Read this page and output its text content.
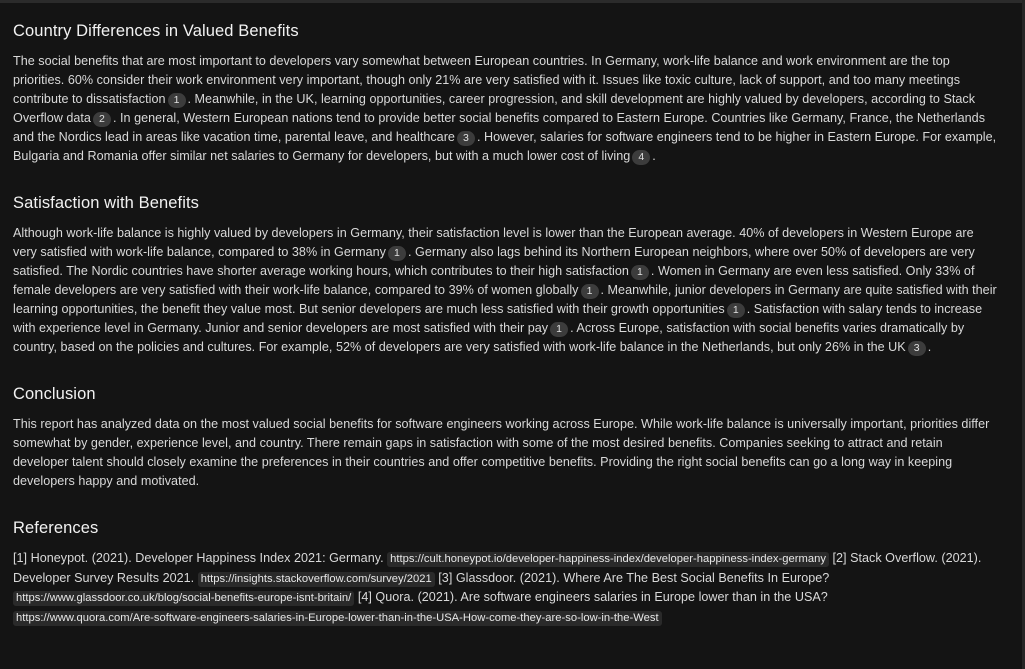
Country Differences in Valued Benefits

The social benefits that are most important to developers vary somewhat between European countries. In Germany, work-life balance and work environment are the top priorities. 60% consider their work environment very important, though only 21% are very satisfied with it. Issues like toxic culture, lack of support, and too many meetings contribute to dissatisfaction 1 . Meanwhile, in the UK, learning opportunities, career progression, and skill development are highly valued by developers, according to Stack Overflow data 2 . In general, Western European nations tend to provide better social benefits compared to Eastern Europe. Countries like Germany, France, the Netherlands and the Nordics lead in areas like vacation time, parental leave, and healthcare 3 . However, salaries for software engineers tend to be higher in Eastern Europe. For example, Bulgaria and Romania offer similar net salaries to Germany for developers, but with a much lower cost of living 4 .

Satisfaction with Benefits

Although work-life balance is highly valued by developers in Germany, their satisfaction level is lower than the European average. 40% of developers in Western Europe are very satisfied with work-life balance, compared to 38% in Germany 1 . Germany also lags behind its Northern European neighbors, where over 50% of developers are very satisfied. The Nordic countries have shorter average working hours, which contributes to their high satisfaction 1 . Women in Germany are even less satisfied. Only 33% of female developers are very satisfied with their work-life balance, compared to 39% of women globally 1 . Meanwhile, junior developers in Germany are quite satisfied with their learning opportunities, the benefit they value most. But senior developers are much less satisfied with their growth opportunities 1 . Satisfaction with salary tends to increase with experience level in Germany. Junior and senior developers are most satisfied with their pay 1 . Across Europe, satisfaction with social benefits varies dramatically by country, based on the policies and cultures. For example, 52% of developers are very satisfied with work-life balance in the Netherlands, but only 26% in the UK 3 .

Conclusion

This report has analyzed data on the most valued social benefits for software engineers working across Europe. While work-life balance is universally important, priorities differ somewhat by gender, experience level, and country. There remain gaps in satisfaction with some of the most desired benefits. Companies seeking to attract and retain developer talent should closely examine the preferences in their countries and offer competitive benefits. Providing the right social benefits can go a long way in keeping developers happy and motivated.

References

[1] Honeypot. (2021). Developer Happiness Index 2021: Germany. https://cult.honeypot.io/developer-happiness-index/developer-happiness-index-germany [2] Stack Overflow. (2021). Developer Survey Results 2021. https://insights.stackoverflow.com/survey/2021 [3] Glassdoor. (2021). Where Are The Best Social Benefits In Europe? https://www.glassdoor.co.uk/blog/social-benefits-europe-isnt-britain/ [4] Quora. (2021). Are software engineers salaries in Europe lower than in the USA? https://www.quora.com/Are-software-engineers-salaries-in-Europe-lower-than-in-the-USA-How-come-they-are-so-low-in-the-West
